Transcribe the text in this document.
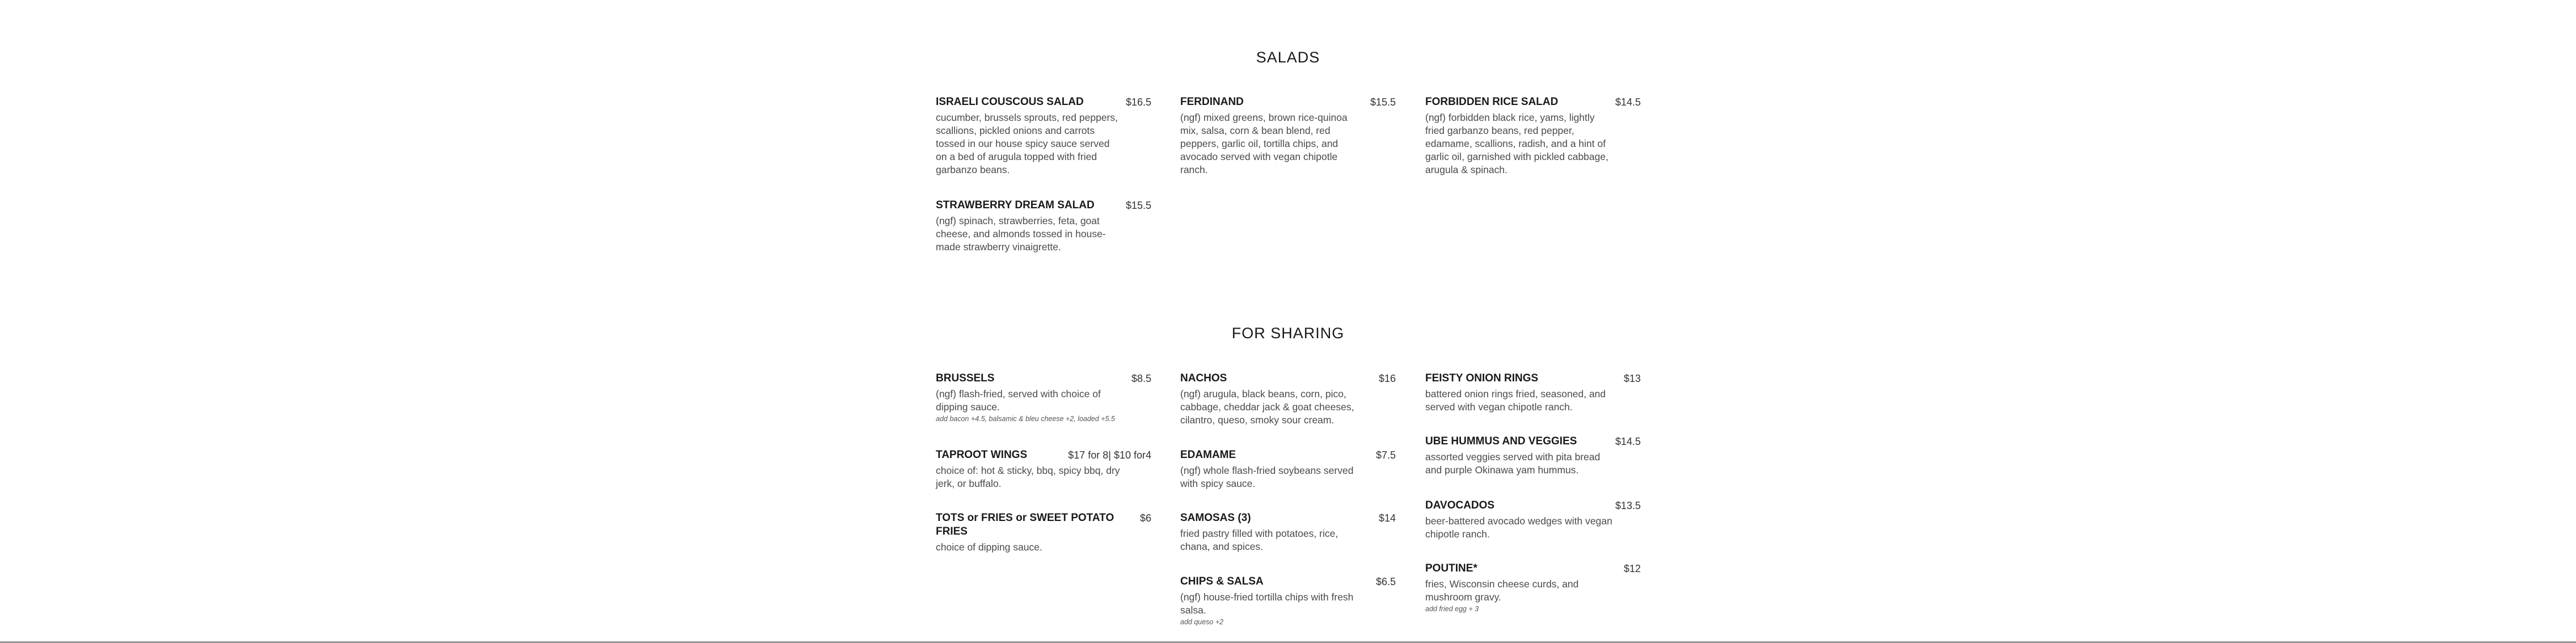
SALADS
ISRAELI COUSCOUS SALAD	$16.5
cucumber, brussels sprouts, red peppers, scallions, pickled onions and carrots tossed in our house spicy sauce served on a bed of arugula topped with fried garbanzo beans.
FERDINAND	$15.5
(ngf) mixed greens, brown rice-quinoa mix, salsa, corn & bean blend, red peppers, garlic oil, tortilla chips, and avocado served with vegan chipotle ranch.
FORBIDDEN RICE SALAD	$14.5
(ngf) forbidden black rice, yams, lightly fried garbanzo beans, red pepper, edamame, scallions, radish, and a hint of garlic oil, garnished with pickled cabbage, arugula & spinach.
STRAWBERRY DREAM SALAD	$15.5
(ngf) spinach, strawberries, feta, goat cheese, and almonds tossed in house-made strawberry vinaigrette.
FOR SHARING
BRUSSELS	$8.5
(ngf) flash-fried, served with choice of dipping sauce.
add bacon +4.5, balsamic & bleu cheese +2, loaded +5.5
TAPROOT WINGS	$17 for 8| $10 for4
choice of: hot & sticky, bbq, spicy bbq, dry jerk, or buffalo.
TOTS or FRIES or SWEET POTATO FRIES
$6
choice of dipping sauce.
NACHOS	$16
(ngf) arugula, black beans, corn, pico, cabbage, cheddar jack & goat cheeses, cilantro, queso, smoky sour cream.
EDAMAME	$7.5
(ngf) whole flash-fried soybeans served with spicy sauce.
SAMOSAS (3)	$14
fried pastry filled with potatoes, rice, chana, and spices.
CHIPS & SALSA	$6.5
(ngf) house-fried tortilla chips with fresh salsa.
add queso +2
FEISTY ONION RINGS	$13
battered onion rings fried, seasoned, and served with vegan chipotle ranch.
UBE HUMMUS AND VEGGIES	$14.5
assorted veggies served with pita bread and purple Okinawa yam hummus.
DAVOCADOS	$13.5
beer-battered avocado wedges with vegan chipotle ranch.
POUTINE*	$12
fries, Wisconsin cheese curds, and mushroom gravy.
add fried egg + 3
